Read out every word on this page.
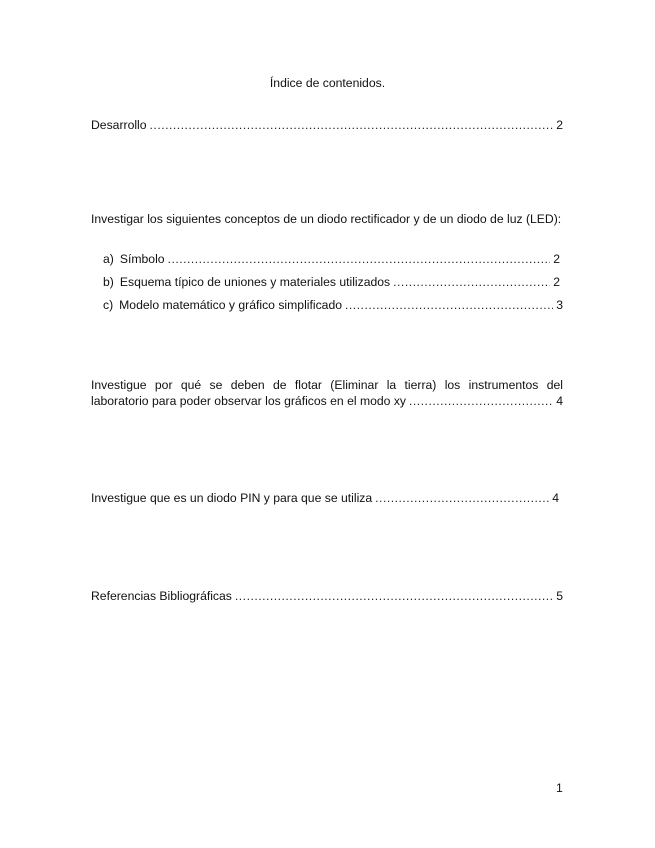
Índice de contenidos.
Desarrollo .....	2
Investigar los siguientes conceptos de un diodo rectificador y de un diodo de luz (LED):
a) Símbolo .....	2
b) Esquema típico de uniones y materiales utilizados .....	2
c) Modelo matemático y gráfico simplificado .....	3
Investigue por qué se deben de flotar (Eliminar la tierra) los instrumentos del
laboratorio para poder observar los gráficos en el modo xy .....	4
Investigue que es un diodo PIN y para que se utiliza .....	4
Referencias Bibliográficas .....	5
1
